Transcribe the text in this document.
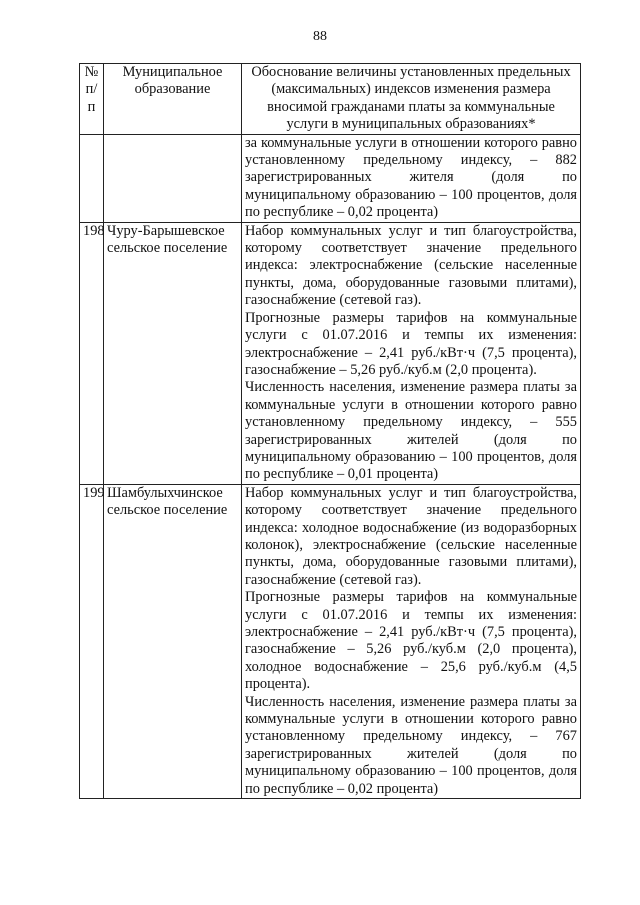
88
№ п/п	Муниципальное образование	Обоснование величины установленных предельных (максимальных) индексов изменения размера вносимой гражданами платы за коммунальные услуги в муниципальных образованиях*

		за коммунальные услуги в отношении которого равно установленному предельному индексу, – 882 зарегистрированных жителя (доля по муниципальному образованию – 100 процентов, доля по республике – 0,02 процента)

198	Чуру-Барышевское сельское поселение	Набор коммунальных услуг и тип благоустройства, которому соответствует значение предельного индекса: электроснабжение (сельские населенные пункты, дома, оборудованные газовыми плитами), газоснабжение (сетевой газ).

Прогнозные размеры тарифов на коммунальные услуги с 01.07.2016 и темпы их изменения: электроснабжение – 2,41 руб./кВт·ч (7,5 процента), газоснабжение – 5,26 руб./куб.м (2,0 процента).

Численность населения, изменение размера платы за коммунальные услуги в отношении которого равно установленному предельному индексу, – 555 зарегистрированных жителей (доля по муниципальному образованию – 100 процентов, доля по республике – 0,01 процента)

199	Шамбулыхчинское сельское поселение	Набор коммунальных услуг и тип благоустройства, которому соответствует значение предельного индекса: холодное водоснабжение (из водоразборных колонок), электроснабжение (сельские населенные пункты, дома, оборудованные газовыми плитами), газоснабжение (сетевой газ).

Прогнозные размеры тарифов на коммунальные услуги с 01.07.2016 и темпы их изменения: электроснабжение – 2,41 руб./кВт·ч (7,5 процента), газоснабжение – 5,26 руб./куб.м (2,0 процента), холодное водоснабжение – 25,6 руб./куб.м (4,5 процента).

Численность населения, изменение размера платы за коммунальные услуги в отношении которого равно установленному предельному индексу, – 767 зарегистрированных жителей (доля по муниципальному образованию – 100 процентов, доля по республике – 0,02 процента)
